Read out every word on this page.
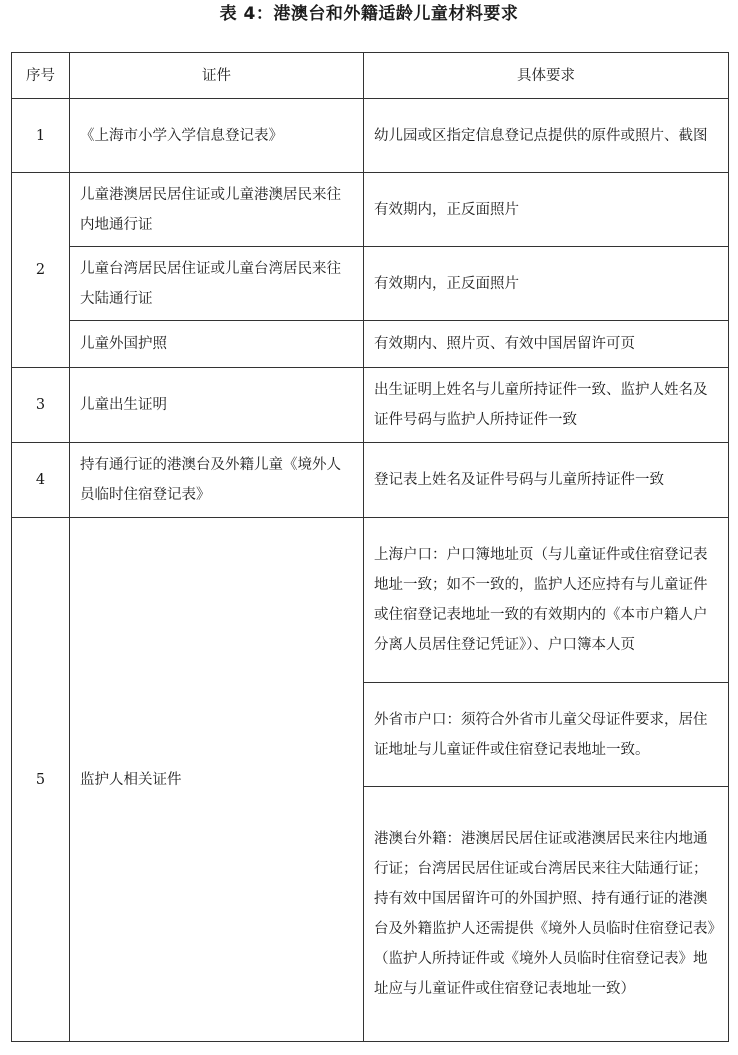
表 4：港澳台和外籍适龄儿童材料要求
序号	证件	具体要求
1	《上海市小学入学信息登记表》	幼儿园或区指定信息登记点提供的原件或照片、截图
2	儿童港澳居民居住证或儿童港澳居民来往内地通行证	有效期内，正反面照片
	儿童台湾居民居住证或儿童台湾居民来往大陆通行证	有效期内，正反面照片
	儿童外国护照	有效期内、照片页、有效中国居留许可页
3	儿童出生证明	出生证明上姓名与儿童所持证件一致、监护人姓名及证件号码与监护人所持证件一致
4	持有通行证的港澳台及外籍儿童《境外人员临时住宿登记表》	登记表上姓名及证件号码与儿童所持证件一致
5	监护人相关证件	上海户口：户口簿地址页（与儿童证件或住宿登记表地址一致；如不一致的，监护人还应持有与儿童证件或住宿登记表地址一致的有效期内的《本市户籍人户分离人员居住登记凭证》）、户口簿本人页
		外省市户口：须符合外省市儿童父母证件要求，居住证地址与儿童证件或住宿登记表地址一致。
		港澳台外籍：港澳居民居住证或港澳居民来往内地通行证；台湾居民居住证或台湾居民来往大陆通行证；持有效中国居留许可的外国护照、持有通行证的港澳台及外籍监护人还需提供《境外人员临时住宿登记表》（监护人所持证件或《境外人员临时住宿登记表》地址应与儿童证件或住宿登记表地址一致）
